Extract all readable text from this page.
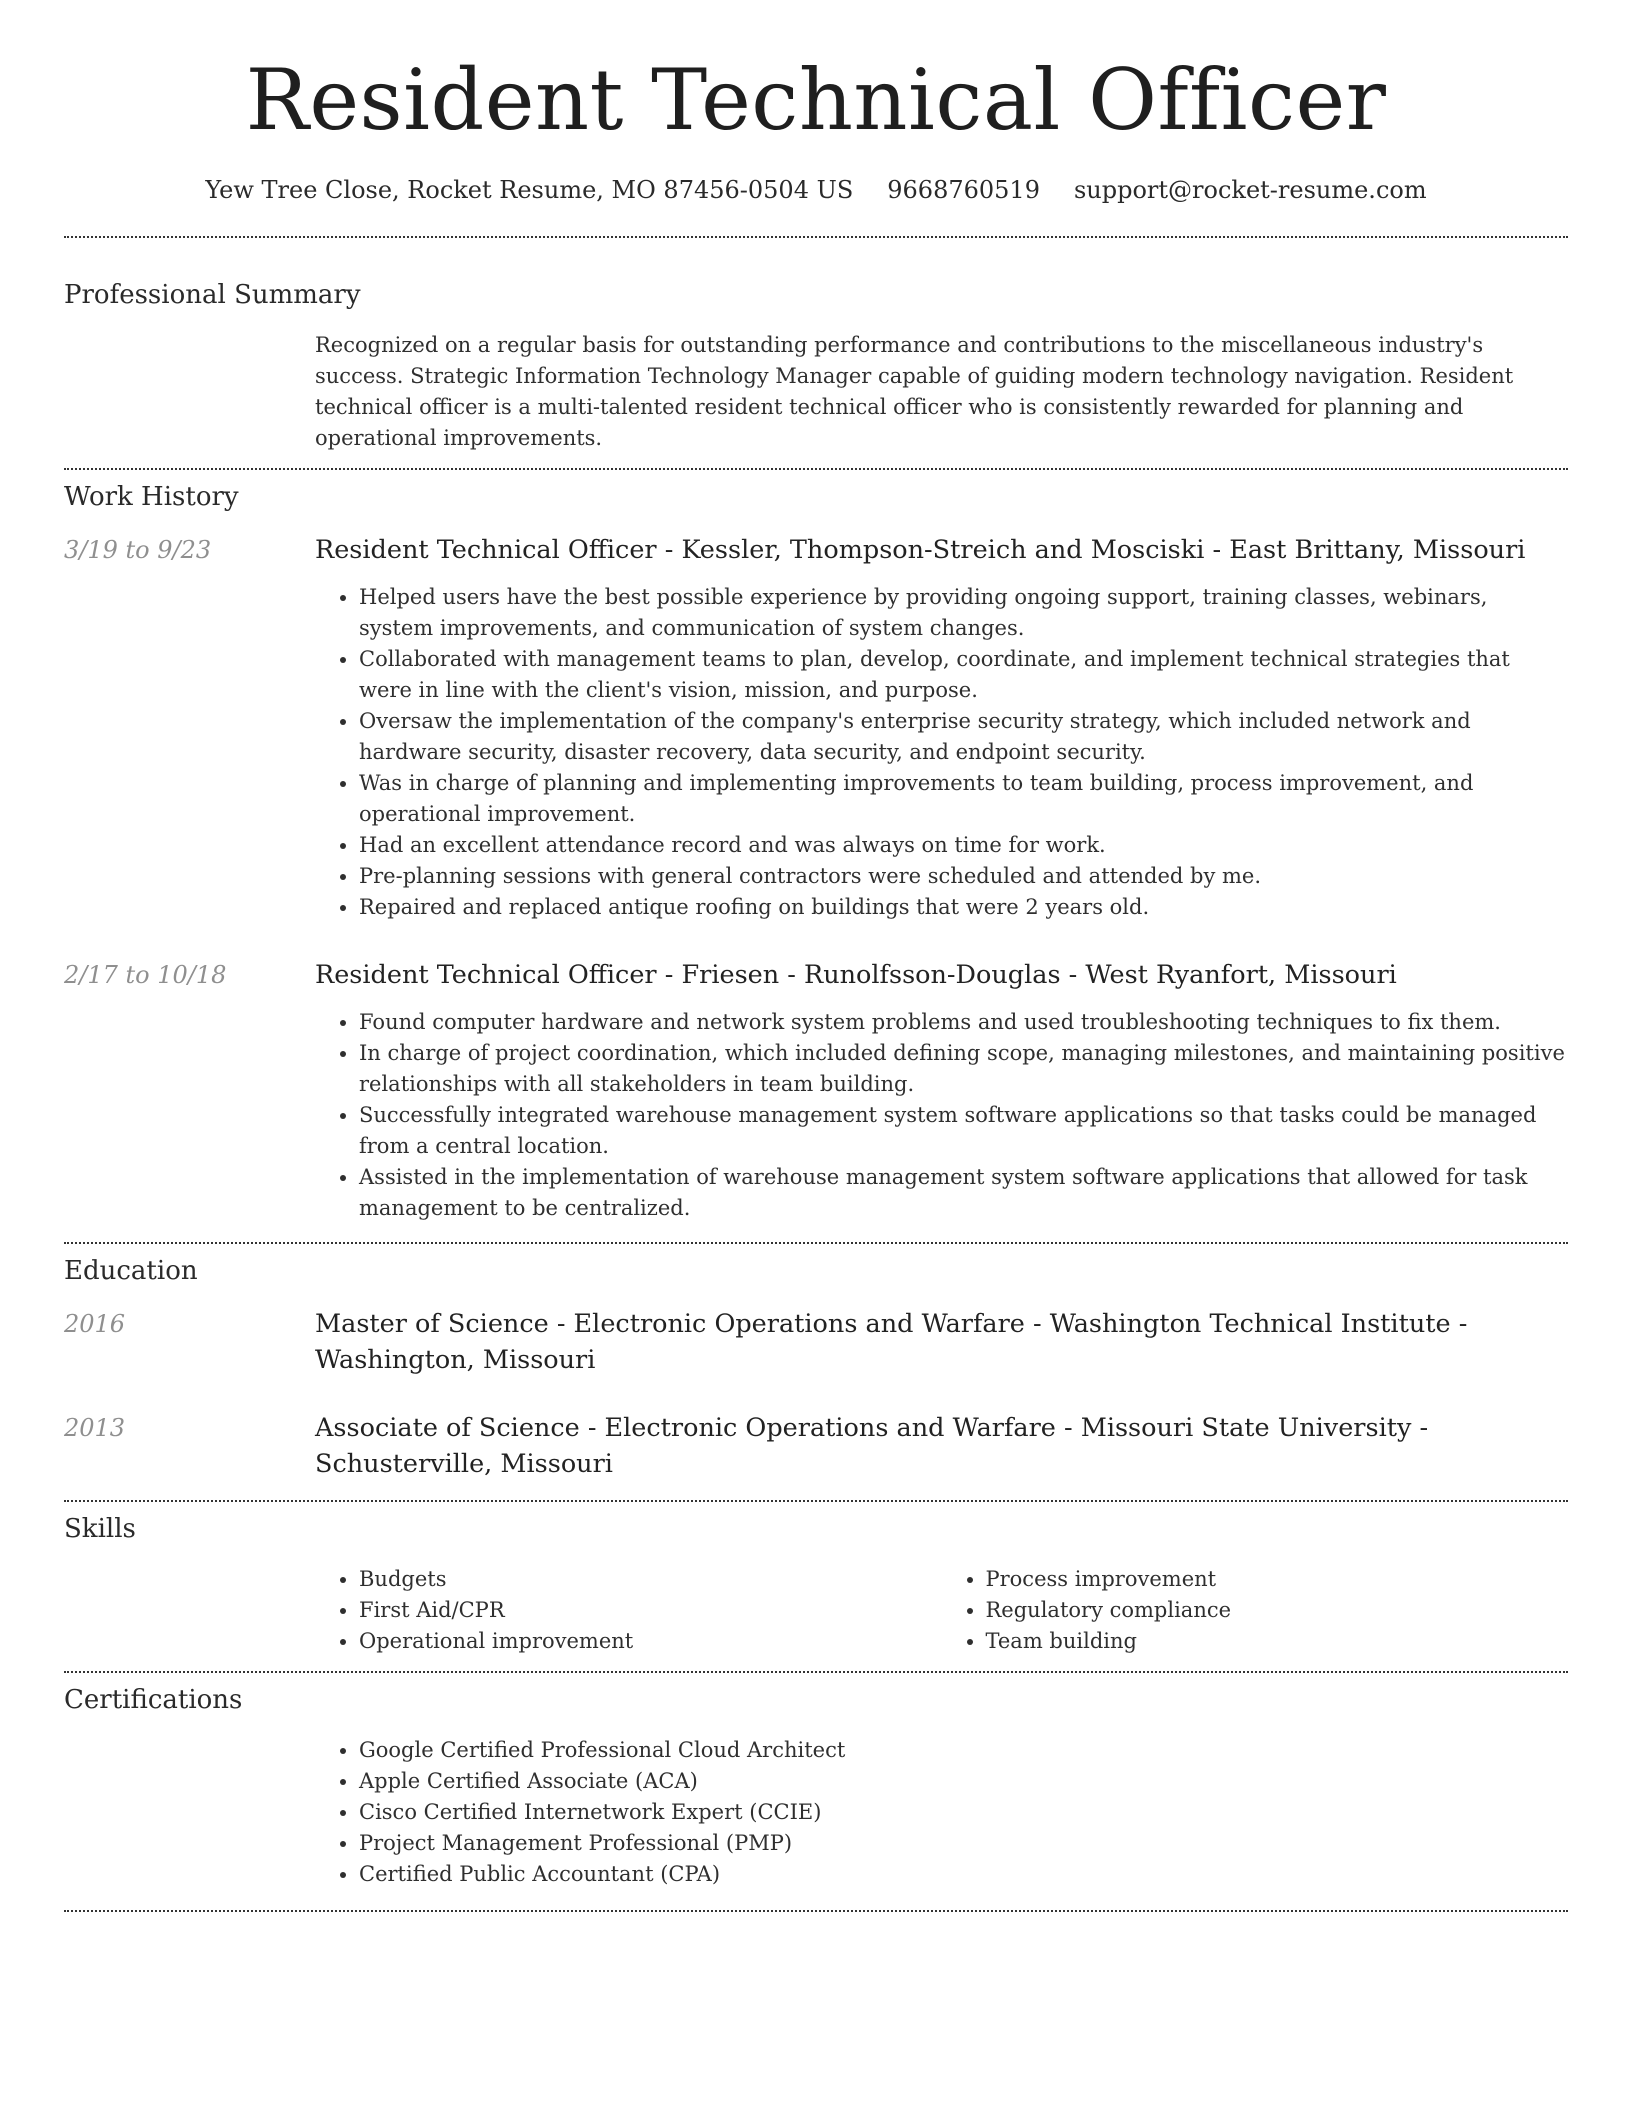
Resident Technical Officer
Yew Tree Close, Rocket Resume, MO 87456-0504 US 9668760519 support@rocket-resume.com
Professional Summary
Recognized on a regular basis for outstanding performance and contributions to the miscellaneous industry's success. Strategic Information Technology Manager capable of guiding modern technology navigation. Resident technical officer is a multi-talented resident technical officer who is consistently rewarded for planning and operational improvements.
Work History
3/19 to 9/23	Resident Technical Officer - Kessler, Thompson-Streich and Mosciski - East Brittany, Missouri
• Helped users have the best possible experience by providing ongoing support, training classes, webinars, system improvements, and communication of system changes.
• Collaborated with management teams to plan, develop, coordinate, and implement technical strategies that were in line with the client's vision, mission, and purpose.
• Oversaw the implementation of the company's enterprise security strategy, which included network and hardware security, disaster recovery, data security, and endpoint security.
• Was in charge of planning and implementing improvements to team building, process improvement, and operational improvement.
• Had an excellent attendance record and was always on time for work.
• Pre-planning sessions with general contractors were scheduled and attended by me.
• Repaired and replaced antique roofing on buildings that were 2 years old.
2/17 to 10/18	Resident Technical Officer - Friesen - Runolfsson-Douglas - West Ryanfort, Missouri
• Found computer hardware and network system problems and used troubleshooting techniques to fix them.
• In charge of project coordination, which included defining scope, managing milestones, and maintaining positive relationships with all stakeholders in team building.
• Successfully integrated warehouse management system software applications so that tasks could be managed from a central location.
• Assisted in the implementation of warehouse management system software applications that allowed for task management to be centralized.
Education
2016	Master of Science - Electronic Operations and Warfare - Washington Technical Institute - Washington, Missouri
2013	Associate of Science - Electronic Operations and Warfare - Missouri State University - Schusterville, Missouri
Skills
• Budgets
• First Aid/CPR
• Operational improvement
• Process improvement
• Regulatory compliance
• Team building
Certifications
• Google Certified Professional Cloud Architect
• Apple Certified Associate (ACA)
• Cisco Certified Internetwork Expert (CCIE)
• Project Management Professional (PMP)
• Certified Public Accountant (CPA)
